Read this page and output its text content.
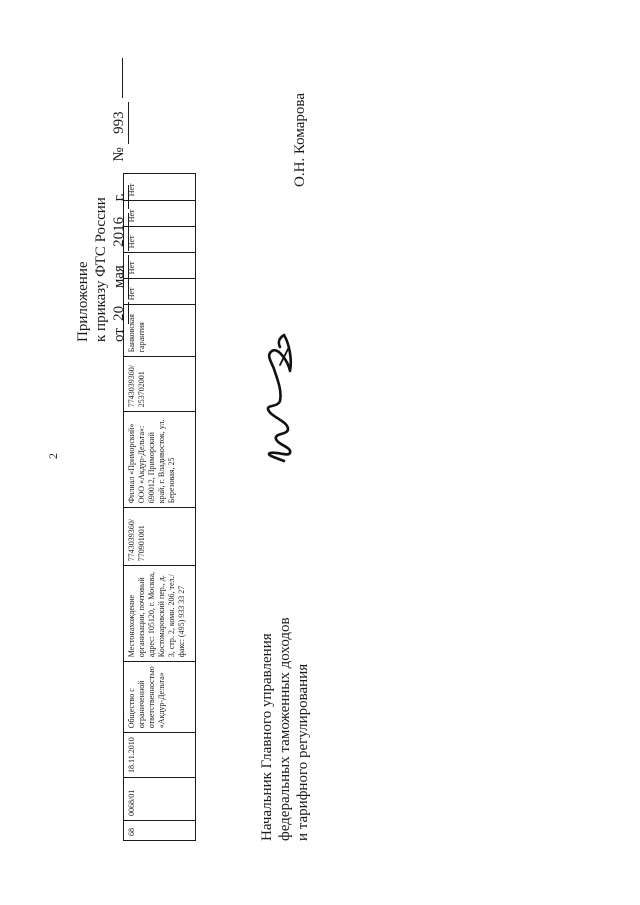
2
Приложение к приказу ФТС России от 20 мая 2016 г.  № 993
68	0068/01	18.11.2010	Общество с ограниченной ответственностью «Акдур-Дельта»	Местонахождение организации, почтовый адрес: 105120, г. Москва, Костомаровский пер., д. 3, стр. 2, комн. 206, тел./факс: (495) 933 33 27	7743039360/ 770901001	Филиал «Приморский» ООО «Акдур-Дельта»: 690012, Приморский край, г. Владивосток, ул. Березовая, 25	7743039360/ 253702001	Банковская гарантия	Нет	Нет	Нет	Нет	Нет
Начальник Главного управления федеральных таможенных доходов и тарифного регулирования
О.Н. Комарова
